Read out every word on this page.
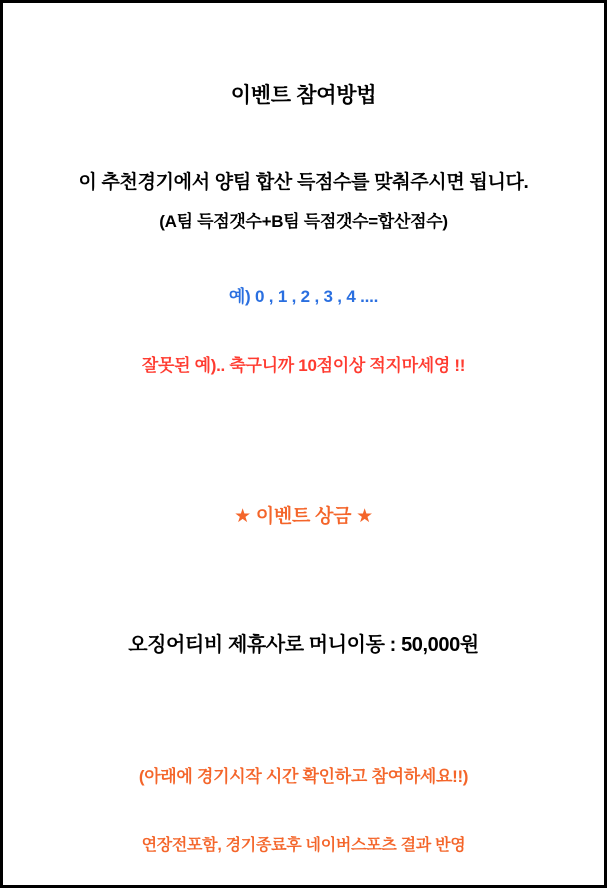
이벤트 참여방법
이 추천경기에서 양팀 합산 득점수를 맞춰주시면 됩니다.
(A팀 득점갯수+B팀 득점갯수=합산점수)
예) 0 , 1 , 2 , 3 , 4 ....
잘못된 예).. 축구니까 10점이상 적지마세영 !!
★ 이벤트 상금 ★
오징어티비 제휴사로 머니이동 : 50,000원
(아래에 경기시작 시간 확인하고 참여하세요!!)
연장전포함, 경기종료후 네이버스포츠 결과 반영
